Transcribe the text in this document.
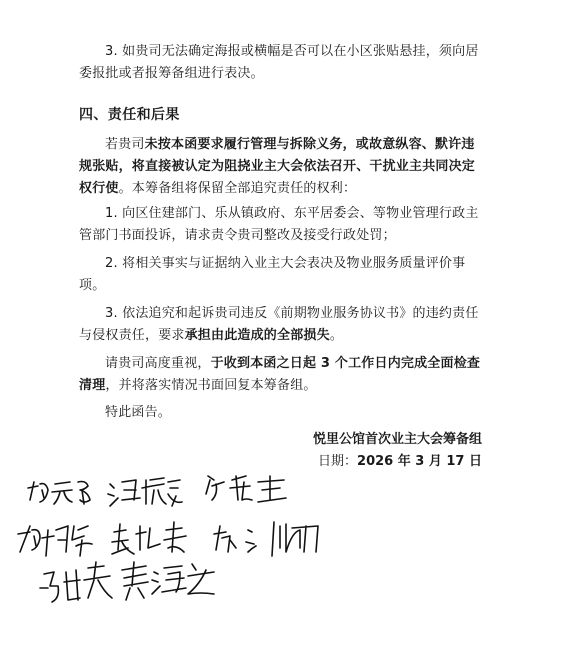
3. 如贵司无法确定海报或横幅是否可以在小区张贴悬挂，须向居委报批或者报筹备组进行表决。
四、责任和后果
若贵司未按本函要求履行管理与拆除义务，或故意纵容、默许违规张贴，将直接被认定为阻挠业主大会依法召开、干扰业主共同决定权行使。本筹备组将保留全部追究责任的权利：
1. 向区住建部门、乐从镇政府、东平居委会、等物业管理行政主管部门书面投诉，请求责令贵司整改及接受行政处罚；
2. 将相关事实与证据纳入业主大会表决及物业服务质量评价事项。
3. 依法追究和起诉贵司违反《前期物业服务协议书》的违约责任与侵权责任，要求承担由此造成的全部损失。
请贵司高度重视，于收到本函之日起 3 个工作日内完成全面检查清理，并将落实情况书面回复本筹备组。
特此函告。
悦里公馆首次业主大会筹备组
日期：2026 年 3 月 17 日
